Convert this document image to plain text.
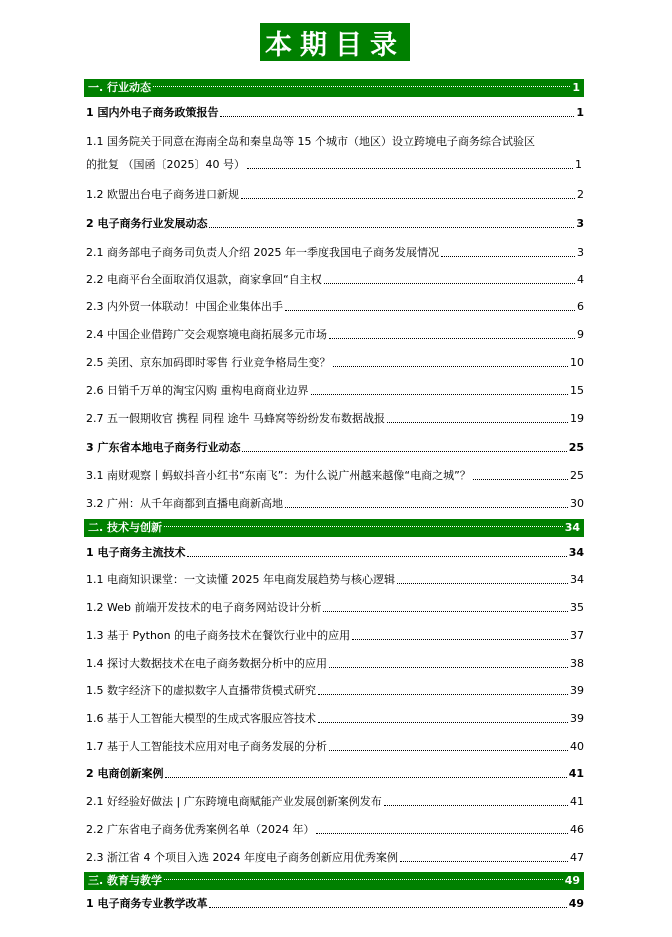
本期目录
一. 行业动态	1
1 国内外电子商务政策报告	1
1.1 国务院关于同意在海南全岛和秦皇岛等 15 个城市（地区）设立跨境电子商务综合试验区
的批复 （国函〔2025〕40 号）	1
1.2 欧盟出台电子商务进口新规	2
2 电子商务行业发展动态	3
2.1 商务部电子商务司负责人介绍 2025 年一季度我国电子商务发展情况	3
2.2 电商平台全面取消仅退款，商家拿回“自主权	4
2.3 内外贸一体联动！中国企业集体出手	6
2.4 中国企业借跨广交会观察境电商拓展多元市场	9
2.5 美团、京东加码即时零售 行业竞争格局生变？	10
2.6 日销千万单的淘宝闪购 重构电商商业边界	15
2.7 五一假期收官 携程 同程 途牛 马蜂窝等纷纷发布数据战报	19
3 广东省本地电子商务行业动态	25
3.1 南财观察丨蚂蚁抖音小红书“东南飞”：为什么说广州越来越像“电商之城”？	25
3.2 广州：从千年商都到直播电商新高地	30
二. 技术与创新	34
1 电子商务主流技术	34
1.1 电商知识课堂：一文读懂 2025 年电商发展趋势与核心逻辑	34
1.2 Web 前端开发技术的电子商务网站设计分析	35
1.3 基于 Python 的电子商务技术在餐饮行业中的应用	37
1.4 探讨大数据技术在电子商务数据分析中的应用	38
1.5 数字经济下的虚拟数字人直播带货模式研究	39
1.6 基于人工智能大模型的生成式客服应答技术	39
1.7 基于人工智能技术应用对电子商务发展的分析	40
2 电商创新案例	41
2.1 好经验好做法 | 广东跨境电商赋能产业发展创新案例发布	41
2.2 广东省电子商务优秀案例名单（2024 年）	46
2.3 浙江省 4 个项目入选 2024 年度电子商务创新应用优秀案例	47
三. 教育与教学	49
1 电子商务专业教学改革	49
